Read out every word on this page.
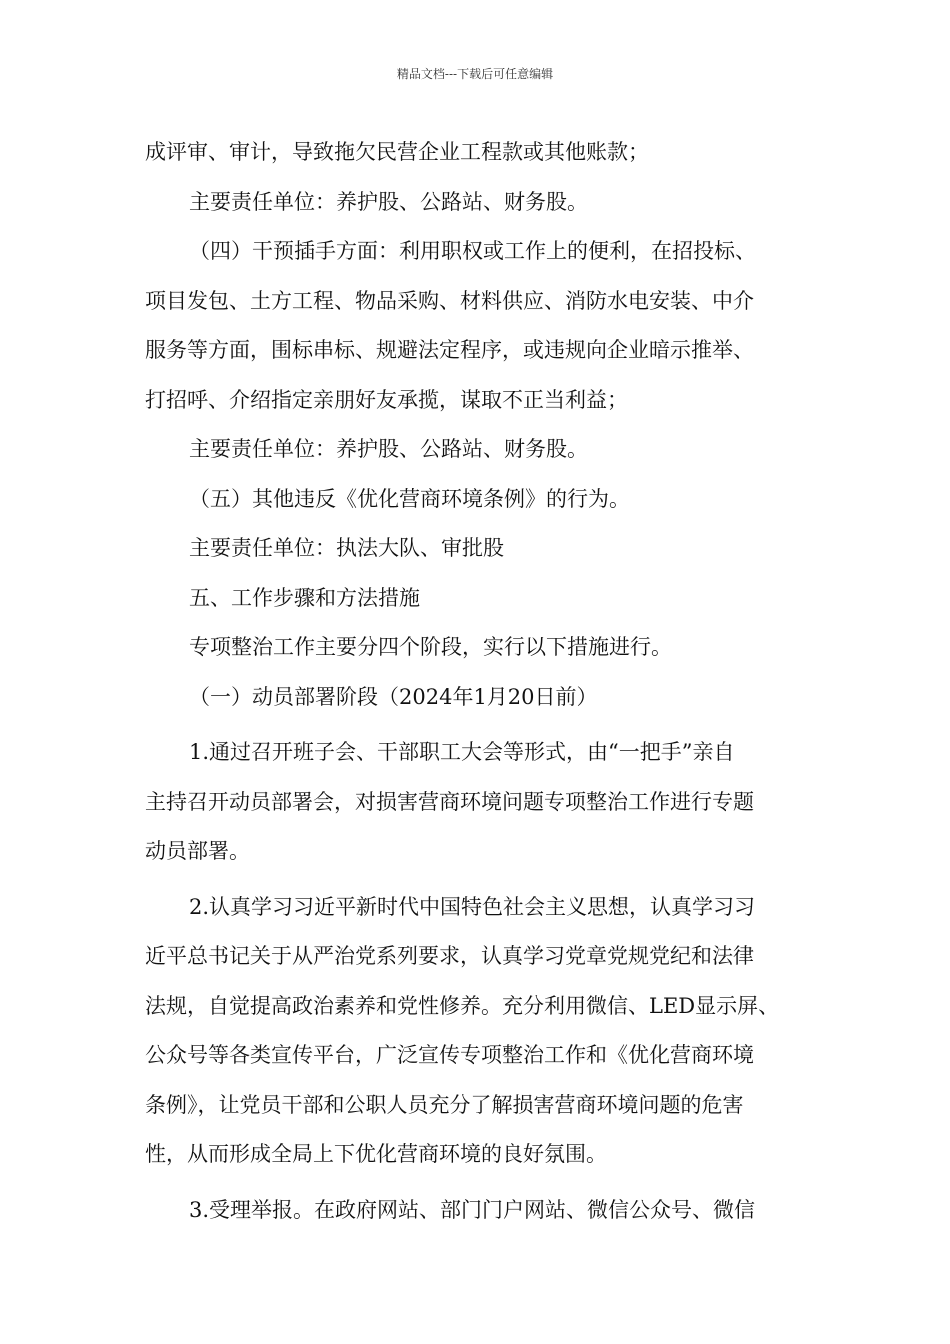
精品文档---下载后可任意编辑
成评审、审计，导致拖欠民营企业工程款或其他账款；
主要责任单位：养护股、公路站、财务股。
（四）干预插手方面：利用职权或工作上的便利，在招投标、
项目发包、土方工程、物品采购、材料供应、消防水电安装、中介
服务等方面，围标串标、规避法定程序，或违规向企业暗示推举、
打招呼、介绍指定亲朋好友承揽，谋取不正当利益；
主要责任单位：养护股、公路站、财务股。
（五）其他违反《优化营商环境条例》的行为。
主要责任单位：执法大队、审批股
五、工作步骤和方法措施
专项整治工作主要分四个阶段，实行以下措施进行。
（一）动员部署阶段（2024年1月20日前）
1.通过召开班子会、干部职工大会等形式，由“一把手”亲自
主持召开动员部署会，对损害营商环境问题专项整治工作进行专题
动员部署。
2.认真学习习近平新时代中国特色社会主义思想，认真学习习
近平总书记关于从严治党系列要求，认真学习党章党规党纪和法律
法规，自觉提高政治素养和党性修养。充分利用微信、LED显示屏、
公众号等各类宣传平台，广泛宣传专项整治工作和《优化营商环境
条例》，让党员干部和公职人员充分了解损害营商环境问题的危害
性，从而形成全局上下优化营商环境的良好氛围。
3.受理举报。在政府网站、部门门户网站、微信公众号、微信
